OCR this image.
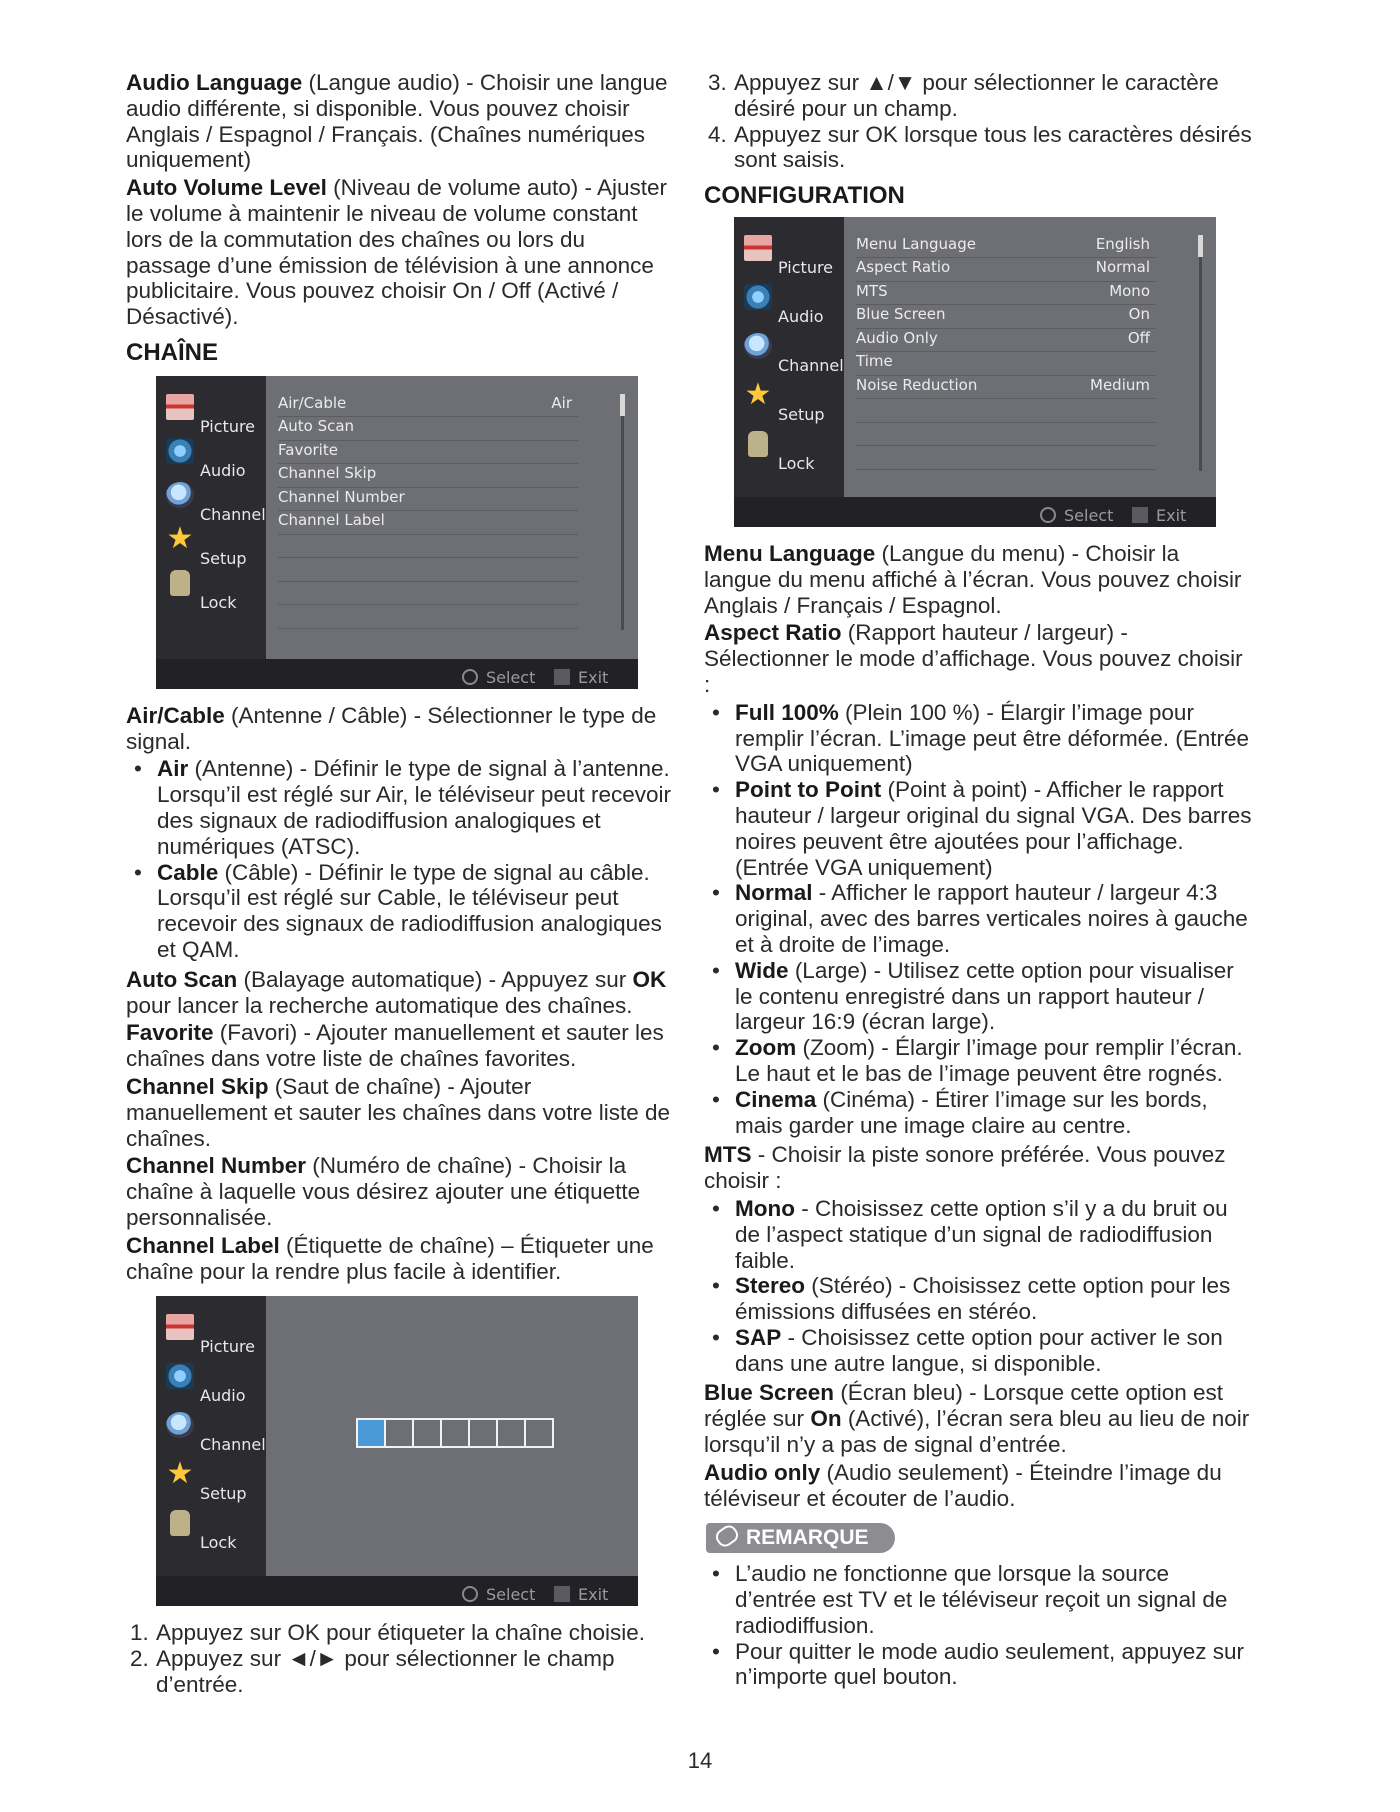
Audio Language (Langue audio) - Choisir une langue audio différente, si disponible. Vous pouvez choisir Anglais / Espagnol / Français. (Chaînes numériques uniquement)

Auto Volume Level (Niveau de volume auto) - Ajuster le volume à maintenir le niveau de volume constant lors de la commutation des chaînes ou lors du passage d’une émission de télévision à une annonce publicitaire. Vous pouvez choisir On / Off (Activé / Désactivé).

CHAÎNE
Picture
Audio
Channel
★
Setup
Lock
Air/Cable	Air
Auto Scan
Favorite
Channel Skip
Channel Number
Channel Label
Select	Exit

Air/Cable (Antenne / Câble) - Sélectionner le type de signal.

• Air (Antenne) - Définir le type de signal à l’antenne. Lorsqu’il est réglé sur Air, le téléviseur peut recevoir des signaux de radiodiffusion analogiques et numériques (ATSC).
• Cable (Câble) - Définir le type de signal au câble. Lorsqu’il est réglé sur Cable, le téléviseur peut recevoir des signaux de radiodiffusion analogiques et QAM.

Auto Scan (Balayage automatique) - Appuyez sur OK pour lancer la recherche automatique des chaînes.

Favorite (Favori) - Ajouter manuellement et sauter les chaînes dans votre liste de chaînes favorites.

Channel Skip (Saut de chaîne) - Ajouter manuellement et sauter les chaînes dans votre liste de chaînes.

Channel Number (Numéro de chaîne) - Choisir la chaîne à laquelle vous désirez ajouter une étiquette personnalisée.

Channel Label (Étiquette de chaîne) – Étiqueter une chaîne pour la rendre plus facile à identifier.

Picture
Audio
Channel
★
Setup
Lock
Select	Exit
1. Appuyez sur OK pour étiqueter la chaîne choisie.
2. Appuyez sur ◄/► pour sélectionner le champ d’entrée.
3. Appuyez sur ▲/▼ pour sélectionner le caractère désiré pour un champ.
4. Appuyez sur OK lorsque tous les caractères désirés sont saisis.
CONFIGURATION
Picture
Audio
Channel
★
Setup
Lock
Menu Language	English
Aspect Ratio	Normal
MTS	Mono
Blue Screen	On
Audio Only	Off
Time
Noise Reduction	Medium
Select	Exit

Menu Language (Langue du menu) - Choisir la langue du menu affiché à l’écran. Vous pouvez choisir Anglais / Français / Espagnol.

Aspect Ratio (Rapport hauteur / largeur) - Sélectionner le mode d’affichage. Vous pouvez choisir :

• Full 100% (Plein 100 %) - Élargir l’image pour remplir l’écran. L’image peut être déformée. (Entrée VGA uniquement)
• Point to Point (Point à point) - Afficher le rapport hauteur / largeur original du signal VGA. Des barres noires peuvent être ajoutées pour l’affichage. (Entrée VGA uniquement)
• Normal - Afficher le rapport hauteur / largeur 4:3 original, avec des barres verticales noires à gauche et à droite de l’image.
• Wide (Large) - Utilisez cette option pour visualiser le contenu enregistré dans un rapport hauteur / largeur 16:9 (écran large).
• Zoom (Zoom) - Élargir l’image pour remplir l’écran. Le haut et le bas de l’image peuvent être rognés.
• Cinema (Cinéma) - Étirer l’image sur les bords, mais garder une image claire au centre.

MTS - Choisir la piste sonore préférée. Vous pouvez choisir :

• Mono - Choisissez cette option s’il y a du bruit ou de l’aspect statique d’un signal de radiodiffusion faible.
• Stereo (Stéréo) - Choisissez cette option pour les émissions diffusées en stéréo.
• SAP - Choisissez cette option pour activer le son dans une autre langue, si disponible.

Blue Screen (Écran bleu) - Lorsque cette option est réglée sur On (Activé), l’écran sera bleu au lieu de noir lorsqu’il n’y a pas de signal d’entrée.

Audio only (Audio seulement) - Éteindre l’image du téléviseur et écouter de l’audio.

REMARQUE
• L’audio ne fonctionne que lorsque la source d’entrée est TV et le téléviseur reçoit un signal de radiodiffusion.
• Pour quitter le mode audio seulement, appuyez sur n’importe quel bouton.
14
